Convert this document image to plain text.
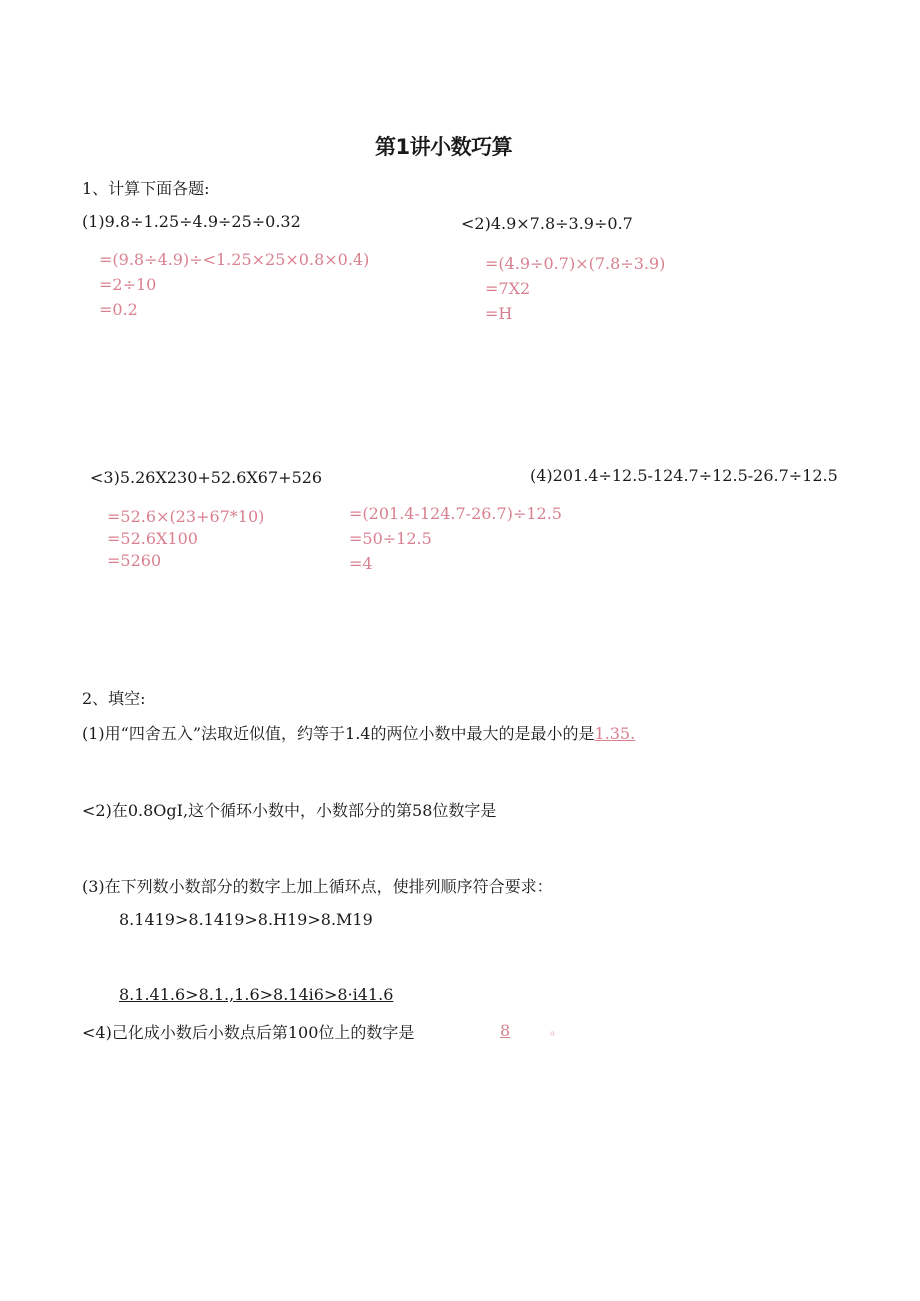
第1讲小数巧算
1、计算下面各题:
(1)9.8÷1.25÷4.9÷25÷0.32
=(9.8÷4.9)÷<1.25×25×0.8×0.4)
=2÷10
=0.2
<2)4.9×7.8÷3.9÷0.7
=(4.9÷0.7)×(7.8÷3.9)
=7X2
=H
<3)5.26X230+52.6X67+526
=52.6×(23+67*10)
=52.6X100
=5260
(4)201.4÷12.5-124.7÷12.5-26.7÷12.5
=(201.4-124.7-26.7)÷12.5
=50÷12.5
=4
2、填空:
(1)用“四舍五入”法取近似值，约等于1.4的两位小数中最大的是最小的是1.35.
<2)在0.8OgI,这个循环小数中，小数部分的第58位数字是
(3)在下列数小数部分的数字上加上循环点，使排列顺序符合要求：
8.1419>8.1419>8.H19>8.M19
8.1.41.6>8.1.,1.6>8.14i6>8·i41.6
<4)己化成小数后小数点后第100位上的数字是	8	。
